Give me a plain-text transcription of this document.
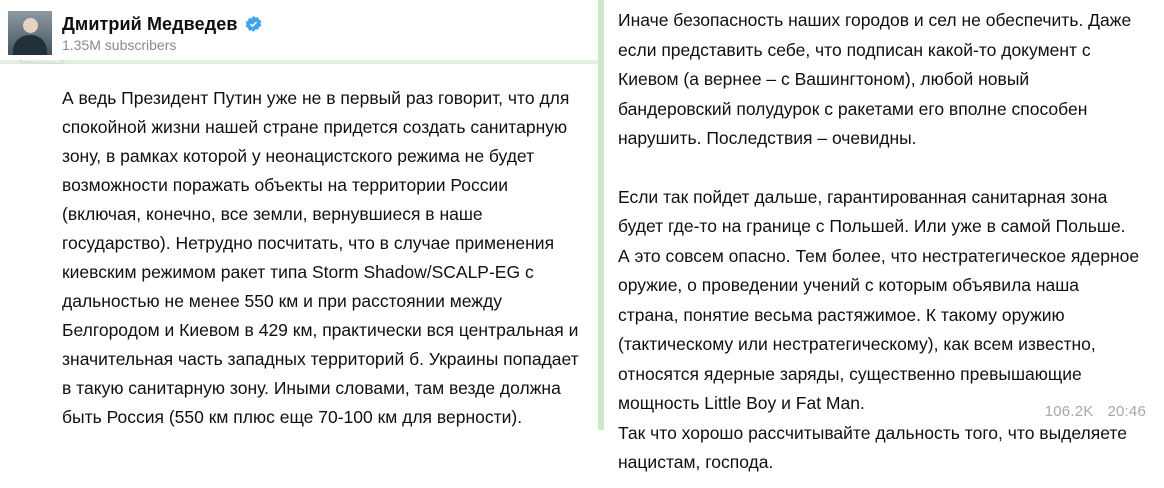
Дмитрий Медведев
1.35M subscribers

А ведь Президент Путин уже не в первый раз говорит, что для спокойной жизни нашей стране придется создать санитарную зону, в рамках которой у неонацистского режима не будет возможности поражать объекты на территории России (включая, конечно, все земли, вернувшиеся в наше государство). Нетрудно посчитать, что в случае применения киевским режимом ракет типа Storm Shadow/SCALP-EG с дальностью не менее 550 км и при расстоянии между Белгородом и Киевом в 429 км, практически вся центральная и значительная часть западных территорий б. Украины попадает в такую санитарную зону. Иными словами, там везде должна быть Россия (550 км плюс еще 70-100 км для верности).
Иначе безопасность наших городов и сел не обеспечить. Даже если представить себе, что подписан какой-то документ с Киевом (а вернее – с Вашингтоном), любой новый бандеровский полудурок с ракетами его вполне способен нарушить. Последствия – очевидны.
Если так пойдет дальше, гарантированная санитарная зона будет где-то на границе с Польшей. Или уже в самой Польше. А это совсем опасно. Тем более, что нестратегическое ядерное оружие, о проведении учений с которым объявила наша страна, понятие весьма растяжимое. К такому оружию (тактическому или нестратегическому), как всем известно, относятся ядерные заряды, существенно превышающие мощность Little Boy и Fat Man.
Так что хорошо рассчитывайте дальность того, что выделяете нацистам, господа.
106.2K 20:46
